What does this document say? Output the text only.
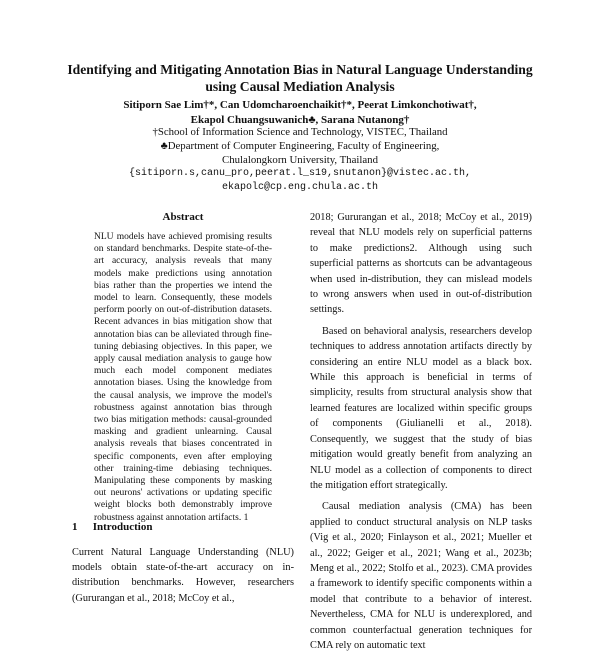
Identifying and Mitigating Annotation Bias in Natural Language Understanding using Causal Mediation Analysis
Sitiporn Sae Lim†*, Can Udomcharoenchaikit†*, Peerat Limkonchotiwat†,
Ekapol Chuangsuwanich♣, Sarana Nutanong†
†School of Information Science and Technology, VISTEC, Thailand
♣Department of Computer Engineering, Faculty of Engineering,
Chulalongkorn University, Thailand
{sitiporn.s,canu_pro,peerat.l_s19,snutanon}@vistec.ac.th,
ekapolc@cp.eng.chula.ac.th
Abstract
NLU models have achieved promising results on standard benchmarks. Despite state-of-the-art accuracy, analysis reveals that many models make predictions using annotation bias rather than the properties we intend the model to learn. Consequently, these models perform poorly on out-of-distribution datasets. Recent advances in bias mitigation show that annotation bias can be alleviated through fine-tuning debiasing objectives. In this paper, we apply causal mediation analysis to gauge how much each model component mediates annotation biases. Using the knowledge from the causal analysis, we improve the model's robustness against annotation bias through two bias mitigation methods: causal-grounded masking and gradient unlearning. Causal analysis reveals that biases concentrated in specific components, even after employing other training-time debiasing techniques. Manipulating these components by masking out neurons' activations or updating specific weight blocks both demonstrably improve robustness against annotation artifacts. 1
1 Introduction
Current Natural Language Understanding (NLU) models obtain state-of-the-art accuracy on in-distribution benchmarks. However, researchers (Gururangan et al., 2018; McCoy et al.,

2018; Gururangan et al., 2018; McCoy et al., 2019) reveal that NLU models rely on superficial patterns to make predictions2. Although using such superficial patterns as shortcuts can be advantageous when used in-distribution, they can mislead models to wrong answers when used in out-of-distribution settings.

Based on behavioral analysis, researchers develop techniques to address annotation artifacts directly by considering an entire NLU model as a black box. While this approach is beneficial in terms of simplicity, results from structural analysis show that learned features are localized within specific groups of components (Giulianelli et al., 2018). Consequently, we suggest that the study of bias mitigation would greatly benefit from analyzing an NLU model as a collection of components to direct the mitigation effort strategically.

Causal mediation analysis (CMA) has been applied to conduct structural analysis on NLP tasks (Vig et al., 2020; Finlayson et al., 2021; Mueller et al., 2022; Geiger et al., 2021; Wang et al., 2023b; Meng et al., 2022; Stolfo et al., 2023). CMA provides a framework to identify specific components within a model that contribute to a behavior of interest. Nevertheless, CMA for NLU is underexplored, and common counterfactual generation techniques for CMA rely on automatic text
